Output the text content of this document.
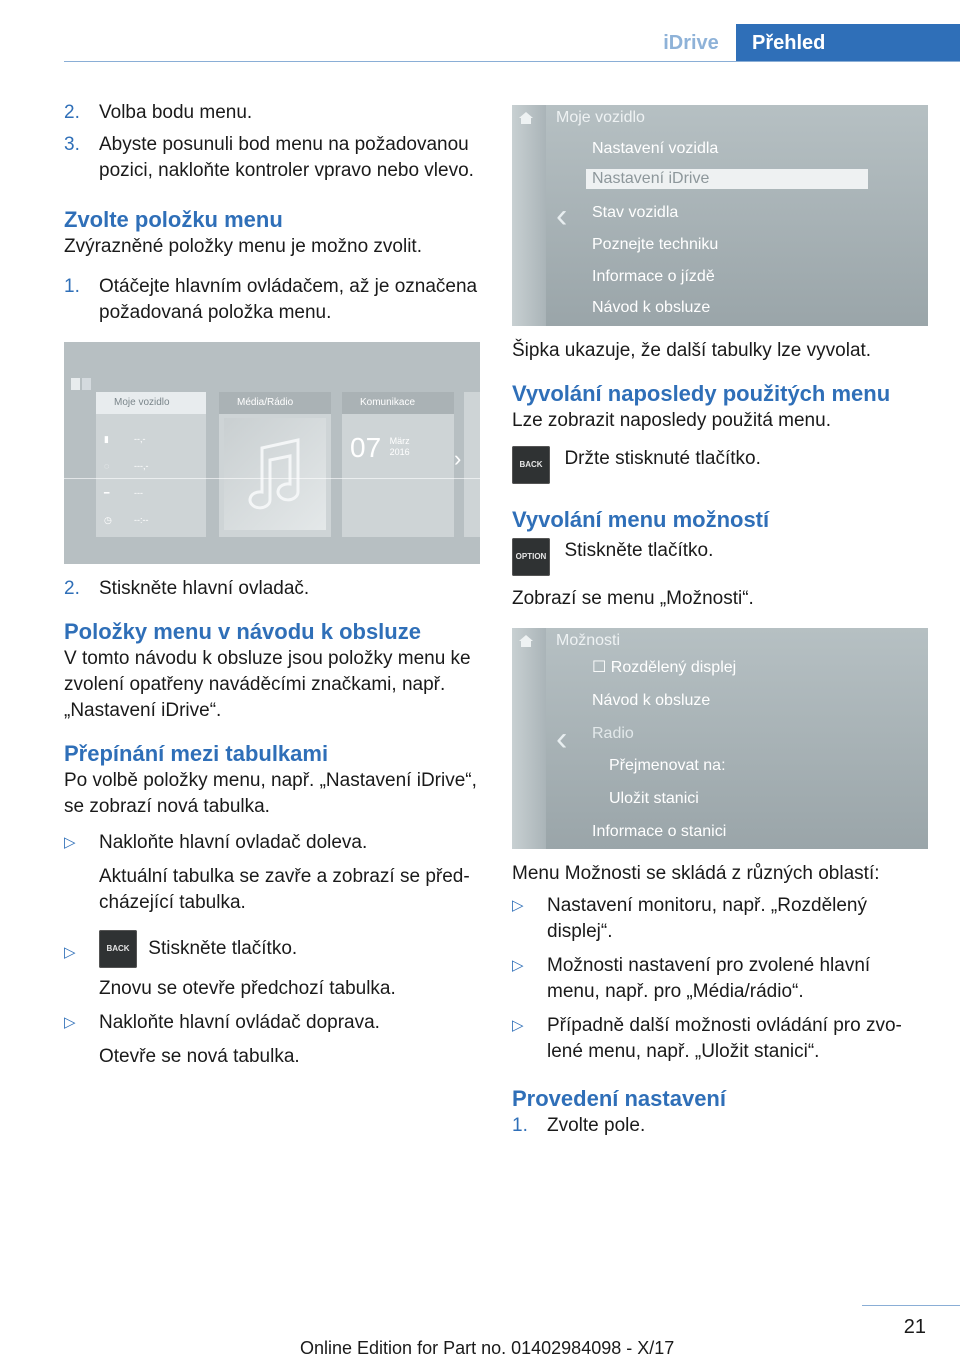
iDrive	Přehled
2. Volba bodu menu.
3. Abyste posunuli bod menu na požadovanou pozici, nakloňte kontroler vpravo nebo vlevo.
Zvolte položku menu

Zvýrazněné položky menu je možno zvolit.

1. Otáčejte hlavním ovládačem, až je označena požadovaná položka menu.
Moje vozidlo
▮	--,-
◌	---,-
━	---
◷ --:--
Média/Rádio	Komunikace
07 März
2016 ›
2. Stiskněte hlavní ovladač.
Položky menu v návodu k obsluze

V tomto návodu k obsluze jsou položky menu ke zvolení opatřeny naváděcími značkami, např. „Nastavení iDrive“.

Přepínání mezi tabulkami

Po volbě položky menu, např. „Nastavení iDrive“, se zobrazí nová tabulka.

▷ Nakloňte hlavní ovladač doleva.
Aktuální tabulka se zavře a zobrazí se předcházející tabulka.
▷	BACK Stiskněte tlačítko.
Znovu se otevře předchozí tabulka.
▷ Nakloňte hlavní ovládač doprava.
Otevře se nová tabulka.
Moje vozidlo
‹
Nastavení vozidla
Nastavení iDrive
Stav vozidla
Poznejte techniku
Informace o jízdě
Návod k obsluze

Šipka ukazuje, že další tabulky lze vyvolat.

Vyvolání naposledy použitých menu

Lze zobrazit naposledy použitá menu.

BACK Držte stisknuté tlačítko.
Vyvolání menu možností
OPTION Stiskněte tlačítko.

Zobrazí se menu „Možnosti“.

Možnosti
‹
☐ Rozdělený displej
Návod k obsluze
Radio
Přejmenovat na:
Uložit stanici
Informace o stanici

Menu Možnosti se skládá z různých oblastí:

▷ Nastavení monitoru, např. „Rozdělený displej“.
▷ Možnosti nastavení pro zvolené hlavní menu, např. pro „Média/rádio“.
▷ Případně další možnosti ovládání pro zvolené menu, např. „Uložit stanici“.
Provedení nastavení
1. Zvolte pole.
21
Online Edition for Part no. 01402984098 - X/17
